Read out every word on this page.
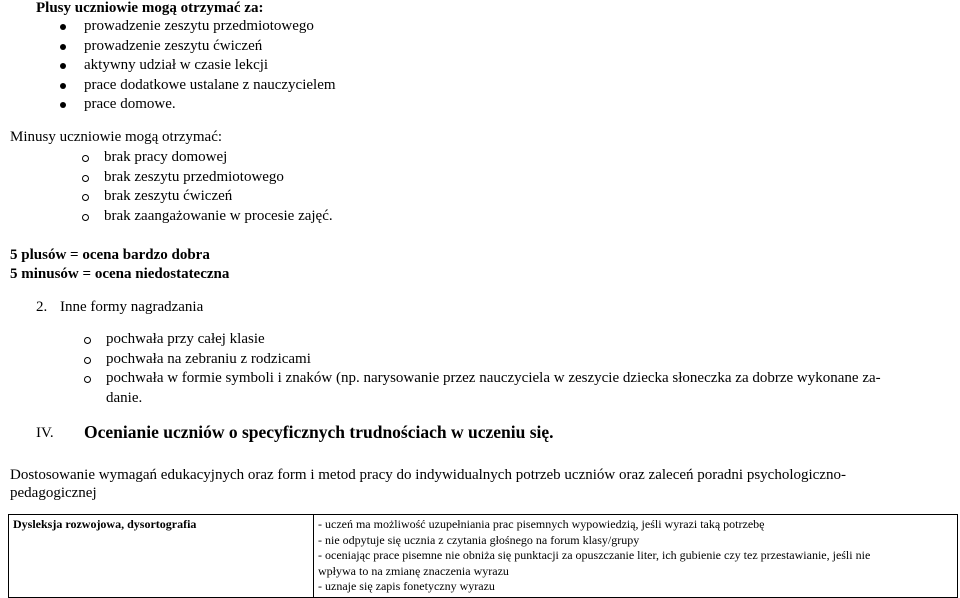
Plusy uczniowie mogą otrzymać za:
prowadzenie zeszytu przedmiotowego
prowadzenie zeszytu ćwiczeń
aktywny udział w czasie lekcji
prace dodatkowe ustalane z nauczycielem
prace domowe.
Minusy uczniowie mogą otrzymać:
brak pracy domowej
brak zeszytu przedmiotowego
brak zeszytu ćwiczeń
brak zaangażowanie w procesie zajęć.
5 plusów = ocena bardzo dobra
5 minusów = ocena niedostateczna
2. Inne formy nagradzania
pochwała przy całej klasie
pochwała na zebraniu z rodzicami
pochwała w formie symboli i znaków (np. narysowanie przez nauczyciela w zeszycie dziecka słoneczka za dobrze wykonane za-
danie.
IV. Ocenianie uczniów o specyficznych trudnościach w uczeniu się.
Dostosowanie wymagań edukacyjnych oraz form i metod pracy do indywidualnych potrzeb uczniów oraz zaleceń poradni psychologiczno-
pedagogicznej
Dysleksja rozwojowa, dysortografia	- uczeń ma możliwość uzupełniania prac pisemnych wypowiedzią, jeśli wyrazi taką potrzebę
- nie odpytuje się ucznia z czytania głośnego na forum klasy/grupy
- oceniając prace pisemne nie obniża się punktacji za opuszczanie liter, ich gubienie czy tez przestawianie, jeśli nie
wpływa to na zmianę znaczenia wyrazu
- uznaje się zapis fonetyczny wyrazu
